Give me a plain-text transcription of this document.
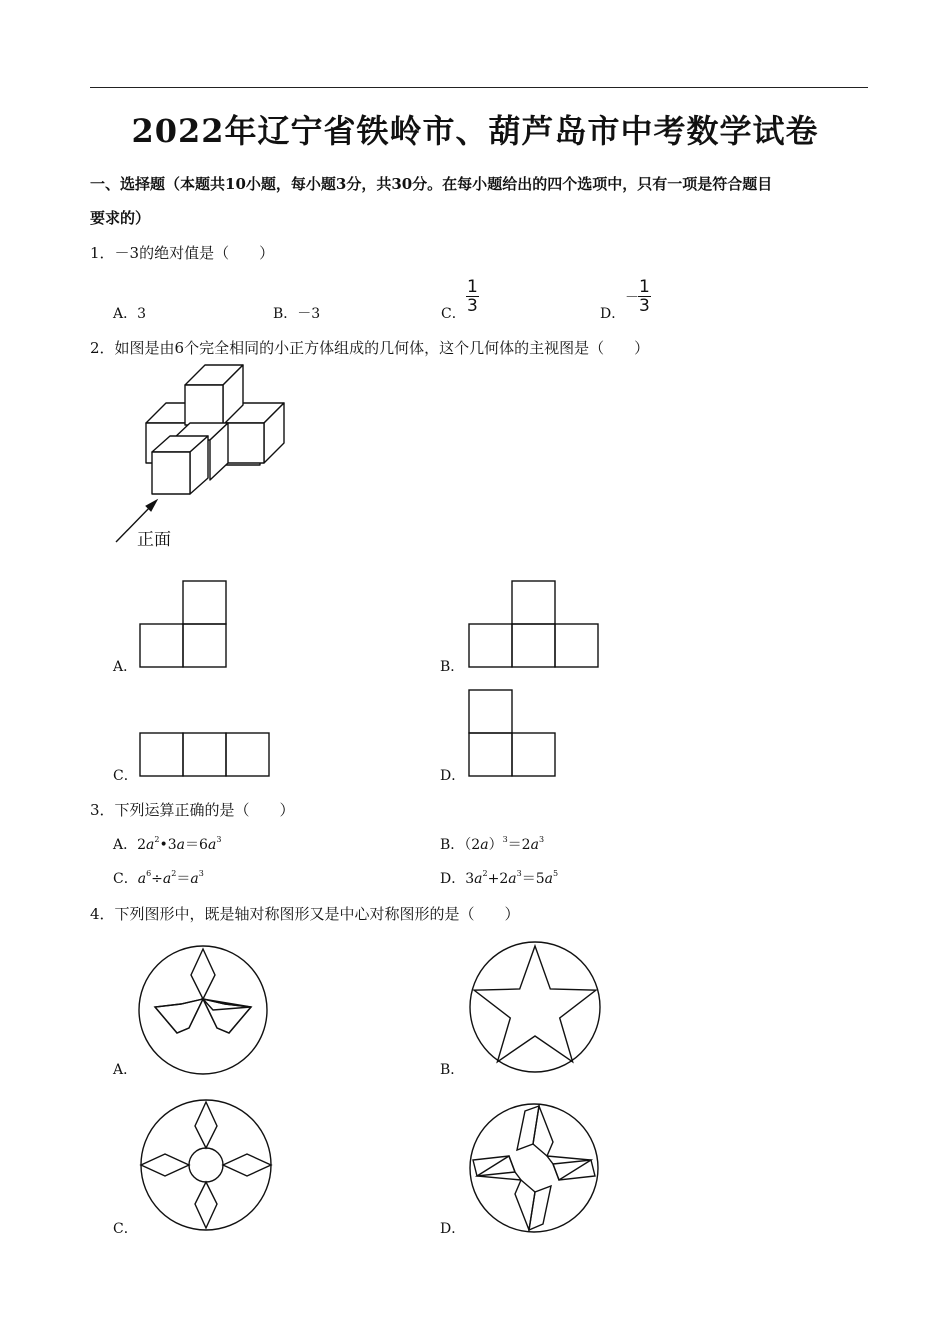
2022年辽宁省铁岭市、葫芦岛市中考数学试卷
一、选择题（本题共10小题，每小题3分，共30分。在每小题给出的四个选项中，只有一项是符合题目
要求的）
1．－3的绝对值是（　　）
A．3	B．－3	C． $\frac{1}{3}$	D．
－ $\frac{1}{3}$
2．如图是由6个完全相同的小正方体组成的几何体，这个几何体的主视图是（　　）
正面
A．	B．
C．	D．
3．下列运算正确的是（　　）
A．$2a^2•3a=6a^3$	B．$(2a)^3=2a^3$
C．$a^6\div a^2=a^3$	D．$3a^2+2a^3=5a^5$
4．下列图形中，既是轴对称图形又是中心对称图形的是（　　）
A．	B．
C．	D．
